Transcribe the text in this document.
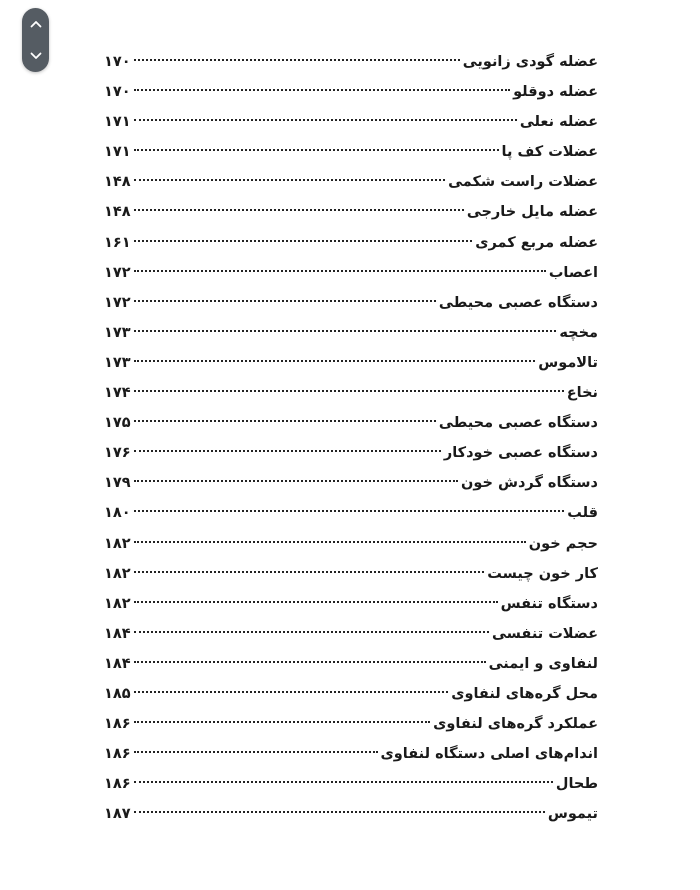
عضله گودی زانویی
۱۷۰
عضله دوقلو
۱۷۰
عضله نعلی
۱۷۱
عضلات کف پا
۱۷۱
عضلات راست شکمی
۱۴۸
عضله مایل خارجی
۱۴۸
عضله مربع کمری
۱۶۱
اعصاب
۱۷۲
دستگاه عصبی محیطی
۱۷۲
مخچه
۱۷۳
تالاموس
۱۷۳
نخاع
۱۷۴
دستگاه عصبی محیطی
۱۷۵
دستگاه عصبی خودکار
۱۷۶
دستگاه گردش خون
۱۷۹
قلب
۱۸۰
حجم خون
۱۸۲
کار خون چیست
۱۸۲
دستگاه تنفس
۱۸۲
عضلات تنفسی
۱۸۴
لنفاوی و ایمنی
۱۸۴
محل گره‌های لنفاوی
۱۸۵
عملکرد گره‌های لنفاوی
۱۸۶
اندام‌های اصلی دستگاه لنفاوی
۱۸۶
طحال
۱۸۶
تیموس
۱۸۷
